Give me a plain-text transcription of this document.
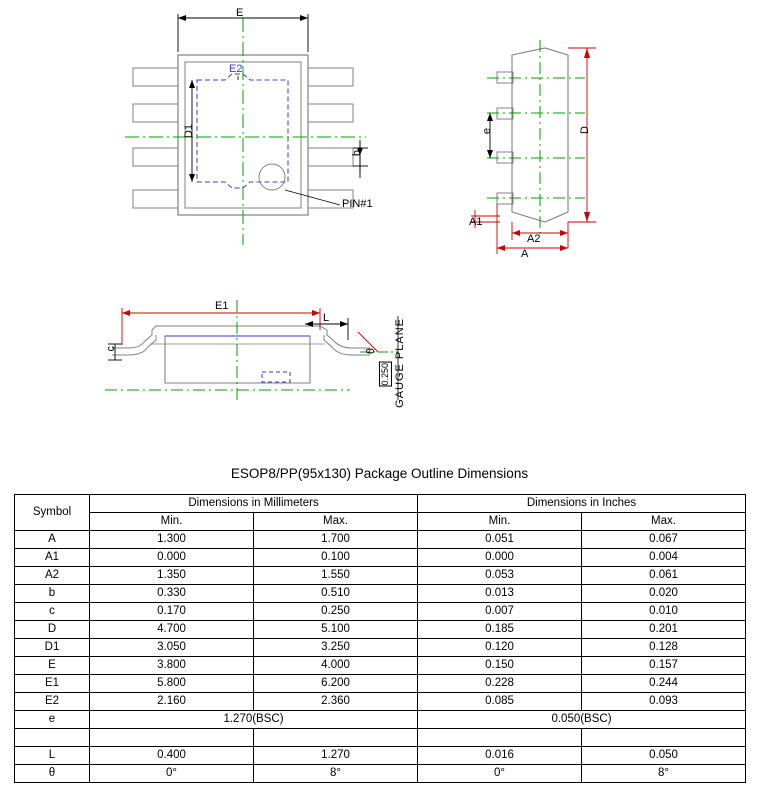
E
E2
D1
b
PIN#1
D
e
A1
A2
A
E1
L
c	θ
0.250 GAUGE PLANE
ESOP8/PP(95x130) Package Outline Dimensions
Symbol	Dimensions in Millimeters		Dimensions in Inches	
	Min.	Max.	Min.	Max.
A	1.300	1.700	0.051	0.067
A1	0.000	0.100	0.000	0.004
A2	1.350	1.550	0.053	0.061
b	0.330	0.510	0.013	0.020
c	0.170	0.250	0.007	0.010
D	4.700	5.100	0.185	0.201
D1	3.050	3.250	0.120	0.128
E	3.800	4.000	0.150	0.157
E1	5.800	6.200	0.228	0.244
E2	2.160	2.360	0.085	0.093
e	1.270(BSC)		0.050(BSC)	

L	0.400	1.270	0.016	0.050
θ	0°	8°	0°	8°
